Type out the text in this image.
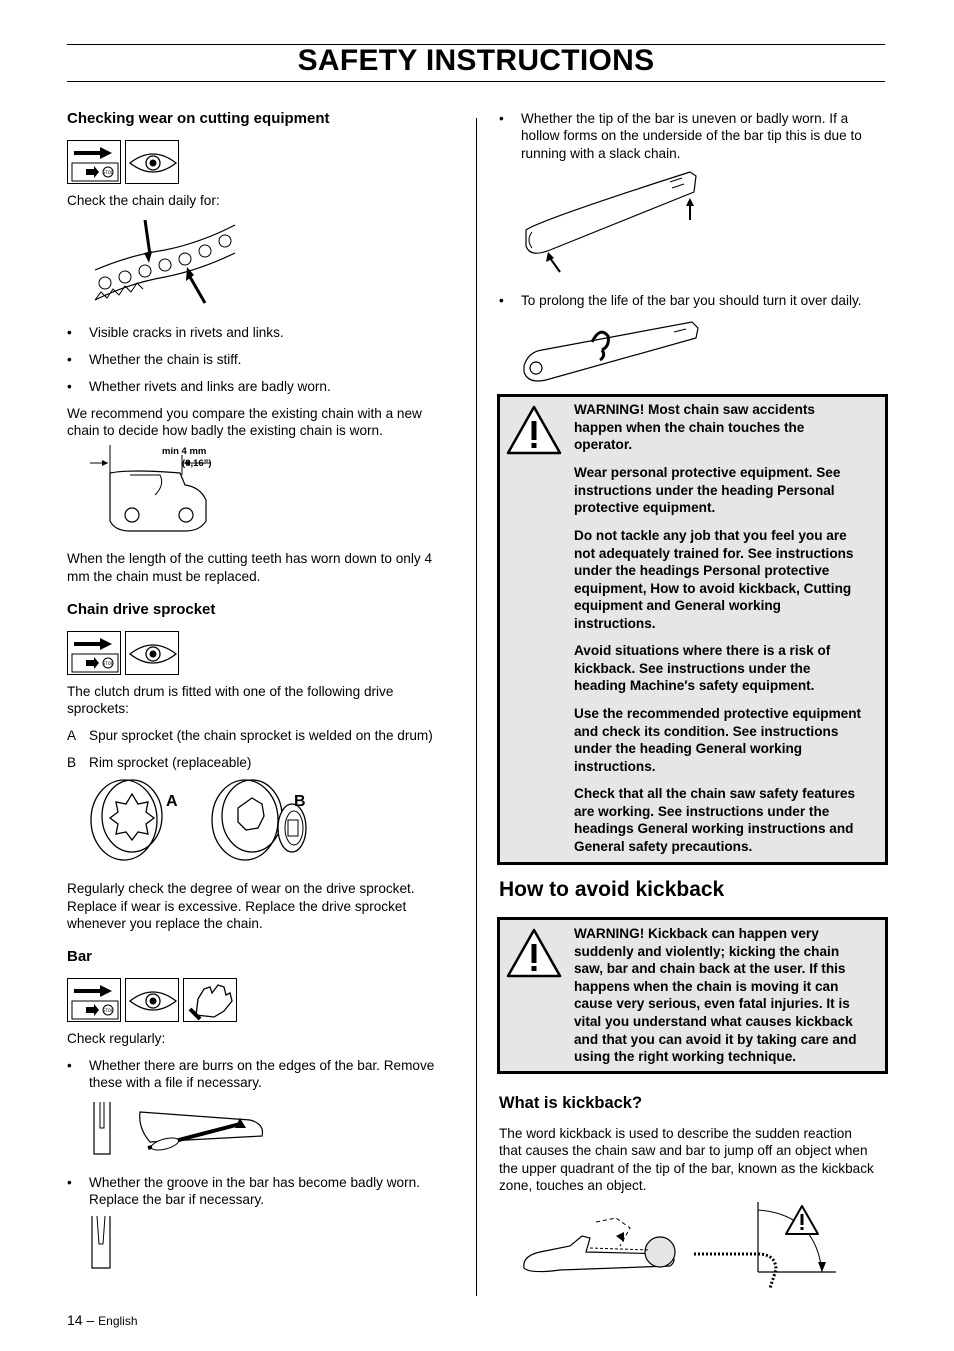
SAFETY INSTRUCTIONS
Checking wear on cutting equipment
STOP
Check the chain daily for:
• Visible cracks in rivets and links.
• Whether the chain is stiff.
• Whether rivets and links are badly worn.
We recommend you compare the existing chain with a new
chain to decide how badly the existing chain is worn.
min 4 mm
(0,16”)
When the length of the cutting teeth has worn down to only 4
mm the chain must be replaced.
Chain drive sprocket
STOP
The clutch drum is fitted with one of the following drive
sprockets:
A Spur sprocket (the chain sprocket is welded on the drum)
B Rim sprocket (replaceable)
A	B
Regularly check the degree of wear on the drive sprocket.
Replace if wear is excessive. Replace the drive sprocket
whenever you replace the chain.
Bar
STOP
Check regularly:
• Whether there are burrs on the edges of the bar. Remove
these with a file if necessary.
• Whether the groove in the bar has become badly worn.
Replace the bar if necessary.
14 – English
• Whether the tip of the bar is uneven or badly worn. If a
hollow forms on the underside of the bar tip this is due to
running with a slack chain.
• To prolong the life of the bar you should turn it over daily.

WARNING! Most chain saw accidents
happen when the chain touches the
operator.

Wear personal protective equipment. See
instructions under the heading Personal
protective equipment.

Do not tackle any job that you feel you are
not adequately trained for. See instructions
under the headings Personal protective
equipment, How to avoid kickback, Cutting
equipment and General working
instructions.

Avoid situations where there is a risk of
kickback. See instructions under the
heading Machine′s safety equipment.

Use the recommended protective equipment
and check its condition. See instructions
under the heading General working
instructions.

Check that all the chain saw safety features
are working. See instructions under the
headings General working instructions and
General safety precautions.

How to avoid kickback

WARNING! Kickback can happen very
suddenly and violently; kicking the chain
saw, bar and chain back at the user. If this
happens when the chain is moving it can
cause very serious, even fatal injuries. It is
vital you understand what causes kickback
and that you can avoid it by taking care and
using the right working technique.

What is kickback?
The word kickback is used to describe the sudden reaction
that causes the chain saw and bar to jump off an object when
the upper quadrant of the tip of the bar, known as the kickback
zone, touches an object.
